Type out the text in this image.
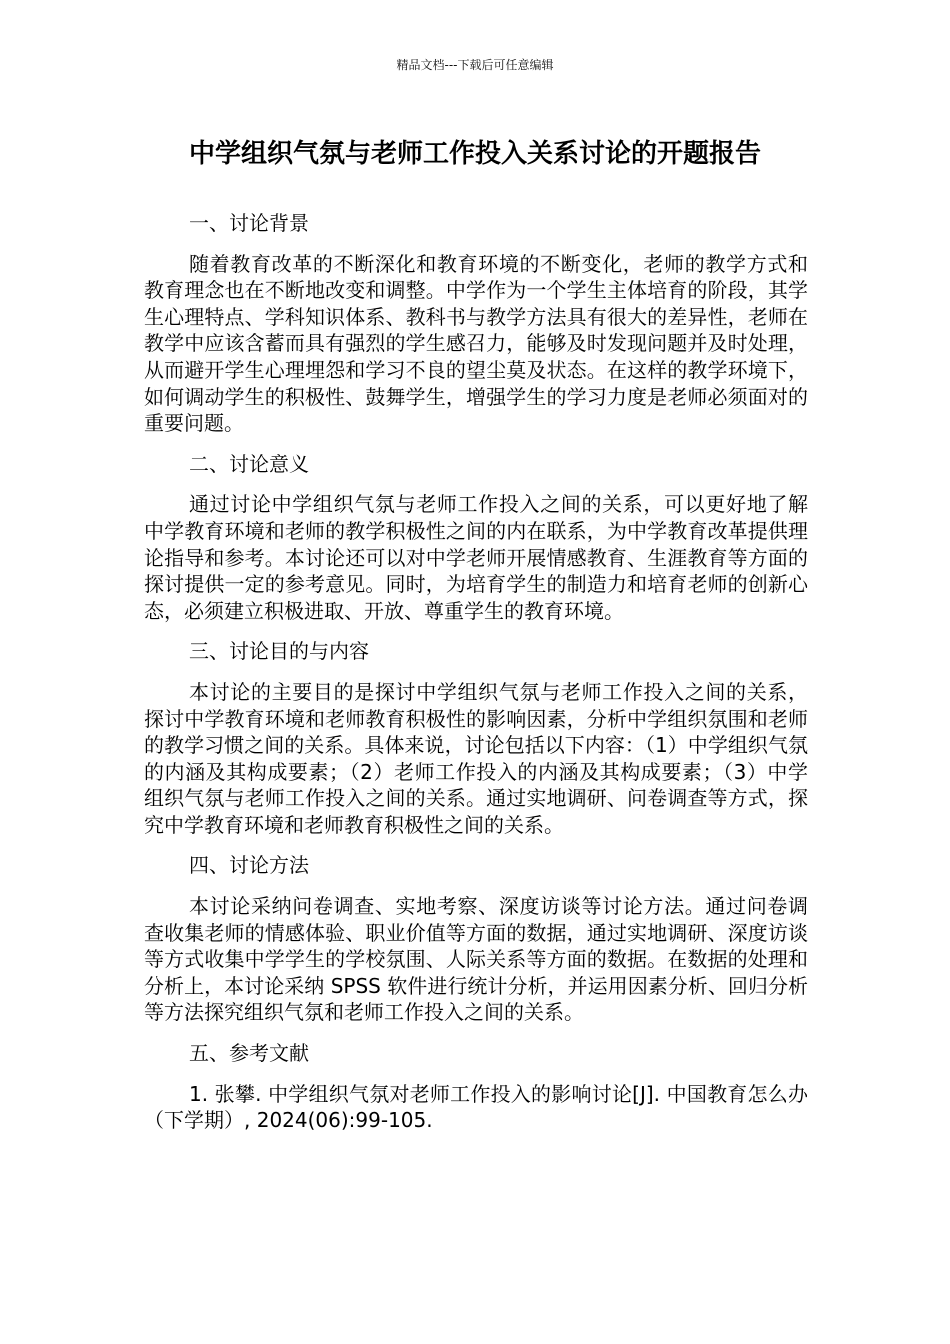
精品文档---下载后可任意编辑
中学组织气氛与老师工作投入关系讨论的开题报告
一、讨论背景

随着教育改革的不断深化和教育环境的不断变化，老师的教学方式和教育理念也在不断地改变和调整。中学作为一个学生主体培育的阶段，其学生心理特点、学科知识体系、教科书与教学方法具有很大的差异性，老师在教学中应该含蓄而具有强烈的学生感召力，能够及时发现问题并及时处理，从而避开学生心理埋怨和学习不良的望尘莫及状态。在这样的教学环境下，如何调动学生的积极性、鼓舞学生，增强学生的学习力度是老师必须面对的重要问题。

二、讨论意义

通过讨论中学组织气氛与老师工作投入之间的关系，可以更好地了解中学教育环境和老师的教学积极性之间的内在联系，为中学教育改革提供理论指导和参考。本讨论还可以对中学老师开展情感教育、生涯教育等方面的探讨提供一定的参考意见。同时，为培育学生的制造力和培育老师的创新心态，必须建立积极进取、开放、尊重学生的教育环境。

三、讨论目的与内容

本讨论的主要目的是探讨中学组织气氛与老师工作投入之间的关系，探讨中学教育环境和老师教育积极性的影响因素，分析中学组织氛围和老师的教学习惯之间的关系。具体来说，讨论包括以下内容：（1）中学组织气氛的内涵及其构成要素；（2）老师工作投入的内涵及其构成要素；（3）中学组织气氛与老师工作投入之间的关系。通过实地调研、问卷调查等方式，探究中学教育环境和老师教育积极性之间的关系。

四、讨论方法

本讨论采纳问卷调查、实地考察、深度访谈等讨论方法。通过问卷调查收集老师的情感体验、职业价值等方面的数据，通过实地调研、深度访谈等方式收集中学学生的学校氛围、人际关系等方面的数据。在数据的处理和分析上，本讨论采纳 SPSS 软件进行统计分析，并运用因素分析、回归分析等方法探究组织气氛和老师工作投入之间的关系。

五、参考文献

1. 张攀. 中学组织气氛对老师工作投入的影响讨论[J]. 中国教育怎么办（下学期）, 2024(06):99-105.
